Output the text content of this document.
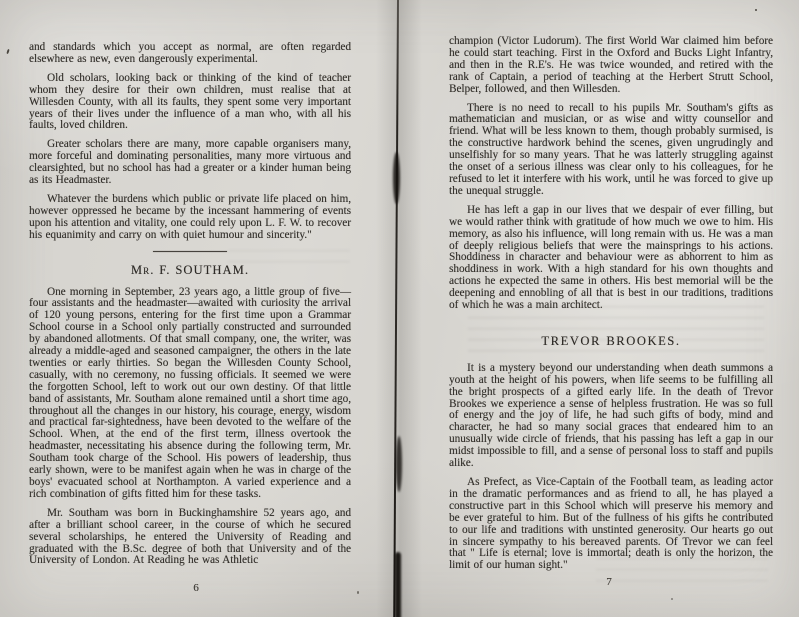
and standards which you accept as normal, are often regarded elsewhere as new, even dangerously experimental.

Old scholars, looking back or thinking of the kind of teacher whom they desire for their own children, must realise that at Willesden County, with all its faults, they spent some very important years of their lives under the influence of a man who, with all his faults, loved children.

Greater scholars there are many, more capable organisers many, more forceful and dominating personalities, many more virtuous and clearsighted, but no school has had a greater or a kinder human being as its Headmaster.

Whatever the burdens which public or private life placed on him, however oppressed he became by the incessant hammering of events upon his attention and vitality, one could rely upon L. F. W. to recover his equanimity and carry on with quiet humour and sincerity."

Mr. F. SOUTHAM.

One morning in September, 23 years ago, a little group of five—four assistants and the headmaster—awaited with curiosity the arrival of 120 young persons, entering for the first time upon a Grammar School course in a School only partially constructed and surrounded by abandoned allotments. Of that small company, one, the writer, was already a middle-aged and seasoned campaigner, the others in the late twenties or early thirties. So began the Willesden County School, casually, with no ceremony, no fussing officials. It seemed we were the forgotten School, left to work out our own destiny. Of that little band of assistants, Mr. Southam alone remained until a short time ago, throughout all the changes in our history, his courage, energy, wisdom and practical far-sightedness, have been devoted to the welfare of the School. When, at the end of the first term, illness overtook the headmaster, necessitating his absence during the following term, Mr. Southam took charge of the School. His powers of leadership, thus early shown, were to be manifest again when he was in charge of the boys' evacuated school at Northampton. A varied experience and a rich combination of gifts fitted him for these tasks.

Mr. Southam was born in Buckinghamshire 52 years ago, and after a brilliant school career, in the course of which he secured several scholarships, he entered the University of Reading and graduated with the B.Sc. degree of both that University and of the University of London. At Reading he was Athletic

champion (Victor Ludorum). The first World War claimed him before he could start teaching. First in the Oxford and Bucks Light Infantry, and then in the R.E's. He was twice wounded, and retired with the rank of Captain, a period of teaching at the Herbert Strutt School, Belper, followed, and then Willesden.

There is no need to recall to his pupils Mr. Southam's gifts as mathematician and musician, or as wise and witty counsellor and friend. What will be less known to them, though probably surmised, is the constructive hardwork behind the scenes, given ungrudingly and unselfishly for so many years. That he was latterly struggling against the onset of a serious illness was clear only to his colleagues, for he refused to let it interfere with his work, until he was forced to give up the unequal struggle.

He has left a gap in our lives that we despair of ever filling, but we would rather think with gratitude of how much we owe to him. His memory, as also his influence, will long remain with us. He was a man of deeply religious beliefs that were the mainsprings to his actions. Shoddiness in character and behaviour were as abhorrent to him as shoddiness in work. With a high standard for his own thoughts and actions he expected the same in others. His best memorial will be the deepening and ennobling of all that is best in our traditions, traditions of which he was a main architect.

TREVOR BROOKES.

It is a mystery beyond our understanding when death summons a youth at the height of his powers, when life seems to be fulfilling all the bright prospects of a gifted early life. In the death of Trevor Brookes we experience a sense of helpless frustration. He was so full of energy and the joy of life, he had such gifts of body, mind and character, he had so many social graces that endeared him to an unusually wide circle of friends, that his passing has left a gap in our midst impossible to fill, and a sense of personal loss to staff and pupils alike.

As Prefect, as Vice-Captain of the Football team, as leading actor in the dramatic performances and as friend to all, he has played a constructive part in this School which will preserve his memory and be ever grateful to him. But of the fullness of his gifts he contributed to our life and traditions with unstinted generosity. Our hearts go out in sincere sympathy to his bereaved parents. Of Trevor we can feel that " Life is eternal; love is immortal; death is only the horizon, the limit of our human sight."

6	7
